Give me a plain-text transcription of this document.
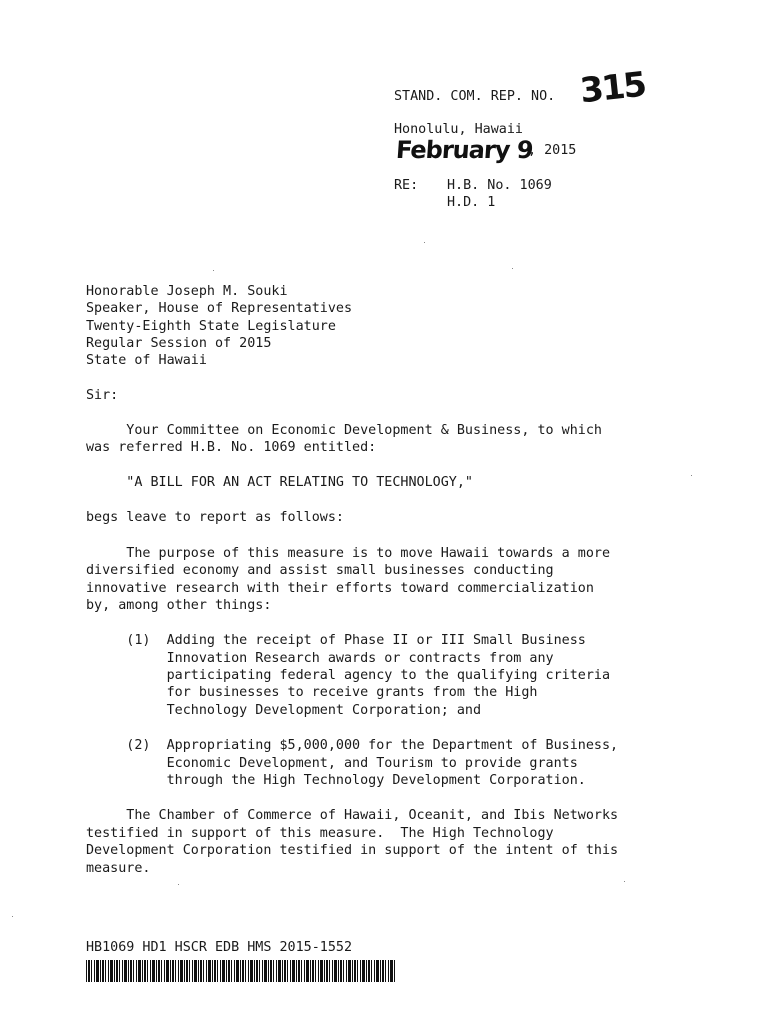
STAND. COM. REP. NO. 315
Honolulu, Hawaii
February 9
, 2015
RE: H.B. No. 1069
H.D. 1
Honorable Joseph M. Souki
Speaker, House of Representatives
Twenty-Eighth State Legislature
Regular Session of 2015
State of Hawaii
Sir:
Your Committee on Economic Development & Business, to which
was referred H.B. No. 1069 entitled:
"A BILL FOR AN ACT RELATING TO TECHNOLOGY,"
begs leave to report as follows:
The purpose of this measure is to move Hawaii towards a more
diversified economy and assist small businesses conducting
innovative research with their efforts toward commercialization
by, among other things:
(1)  Adding the receipt of Phase II or III Small Business
Innovation Research awards or contracts from any
participating federal agency to the qualifying criteria
for businesses to receive grants from the High
Technology Development Corporation; and
(2)  Appropriating $5,000,000 for the Department of Business,
Economic Development, and Tourism to provide grants
through the High Technology Development Corporation.
The Chamber of Commerce of Hawaii, Oceanit, and Ibis Networks
testified in support of this measure.  The High Technology
Development Corporation testified in support of the intent of this
measure.
HB1069 HD1 HSCR EDB HMS 2015-1552
